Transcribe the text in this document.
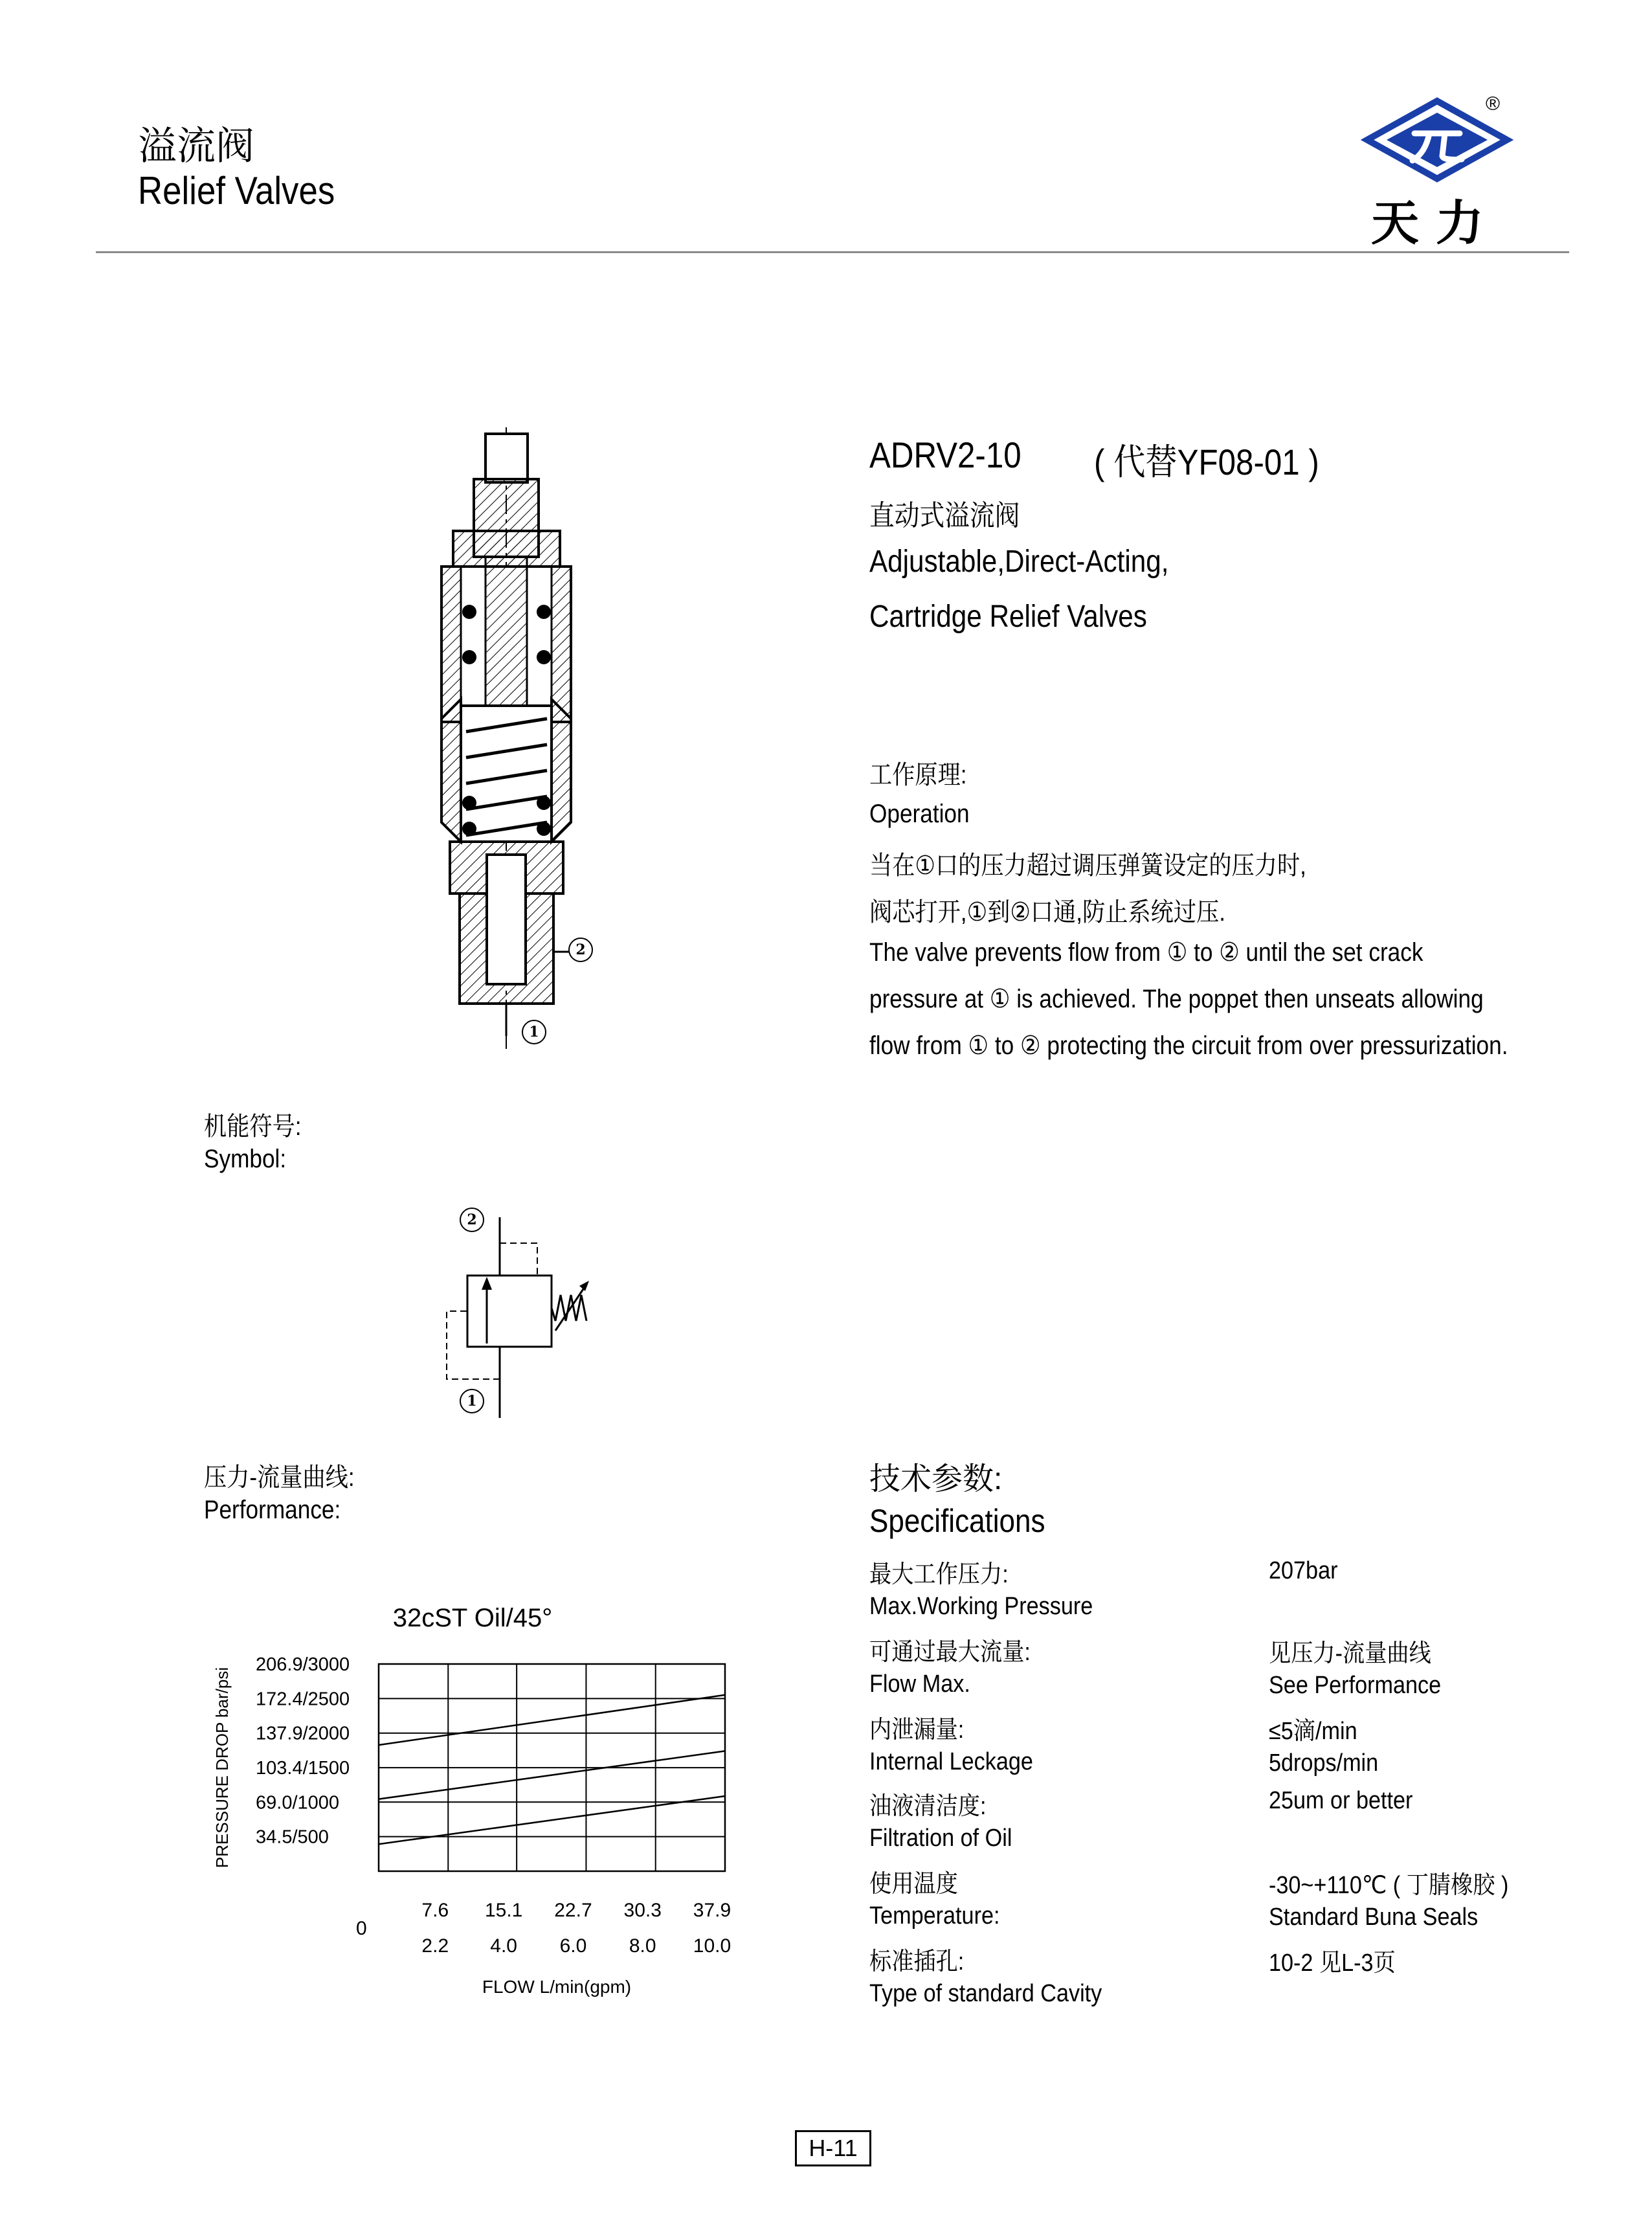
溢流阀
Relief Valves
®
天 力
2
1
ADRV2-10 ( 代替YF08-01 )
直动式溢流阀
Adjustable,Direct-Acting,
Cartridge Relief Valves
工作原理:
Operation
当在①口的压力超过调压弹簧设定的压力时,
阀芯打开,①到②口通,防止系统过压.
The valve prevents flow from ① to ② until the set crack
pressure at ① is achieved. The poppet then unseats allowing
flow from ① to ② protecting the circuit from over pressurization.
机能符号:
Symbol:
2
1
压力-流量曲线:
Performance:
32cST Oil/45°
PRESSURE DROP bar/psi
0
FLOW L/min(gpm)
206.9/3000
172.4/2500
137.9/2000
103.4/1500
69.0/1000
34.5/500
7.6 15.1 22.7 30.3 37.9
2.2 4.0 6.0 8.0 10.0
技术参数:
Specifications
最大工作压力:
Max.Working Pressure
207bar
可通过最大流量:
Flow Max.
见压力-流量曲线
See Performance
内泄漏量:
Internal Leckage
≤5滴/min
5drops/min
油液清洁度:
Filtration of Oil
25um or better
使用温度
Temperature:
-30~+110℃ ( 丁腈橡胶 )
Standard Buna Seals
标准插孔:
Type of standard Cavity
10-2 见L-3页
H-11
